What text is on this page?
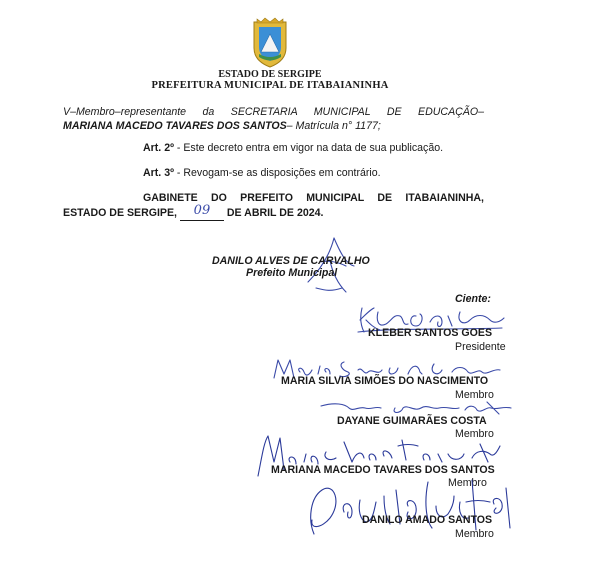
ESTADO DE SERGIPE
PREFEITURA MUNICIPAL DE ITABAIANINHA
V–Membro–representante da SECRETARIA MUNICIPAL DE EDUCAÇÃO–
MARIANA MACEDO TAVARES DOS SANTOS– Matrícula n° 1177;
Art. 2º - Este decreto entra em vigor na data de sua publicação.
Art. 3º - Revogam-se as disposições em contrário.
GABINETE DO PREFEITO MUNICIPAL DE ITABAIANINHA,
ESTADO DE SERGIPE, 09 DE ABRIL DE 2024.
DANILO ALVES DE CARVALHO
Prefeito Municipal
Ciente:
KLEBER SANTOS GOES
Presidente
MARIA SILVIA SIMÕES DO NASCIMENTO
Membro
DAYANE GUIMARÃES COSTA
Membro
MARIANA MACEDO TAVARES DOS SANTOS
Membro
DANILO AMADO SANTOS
Membro
